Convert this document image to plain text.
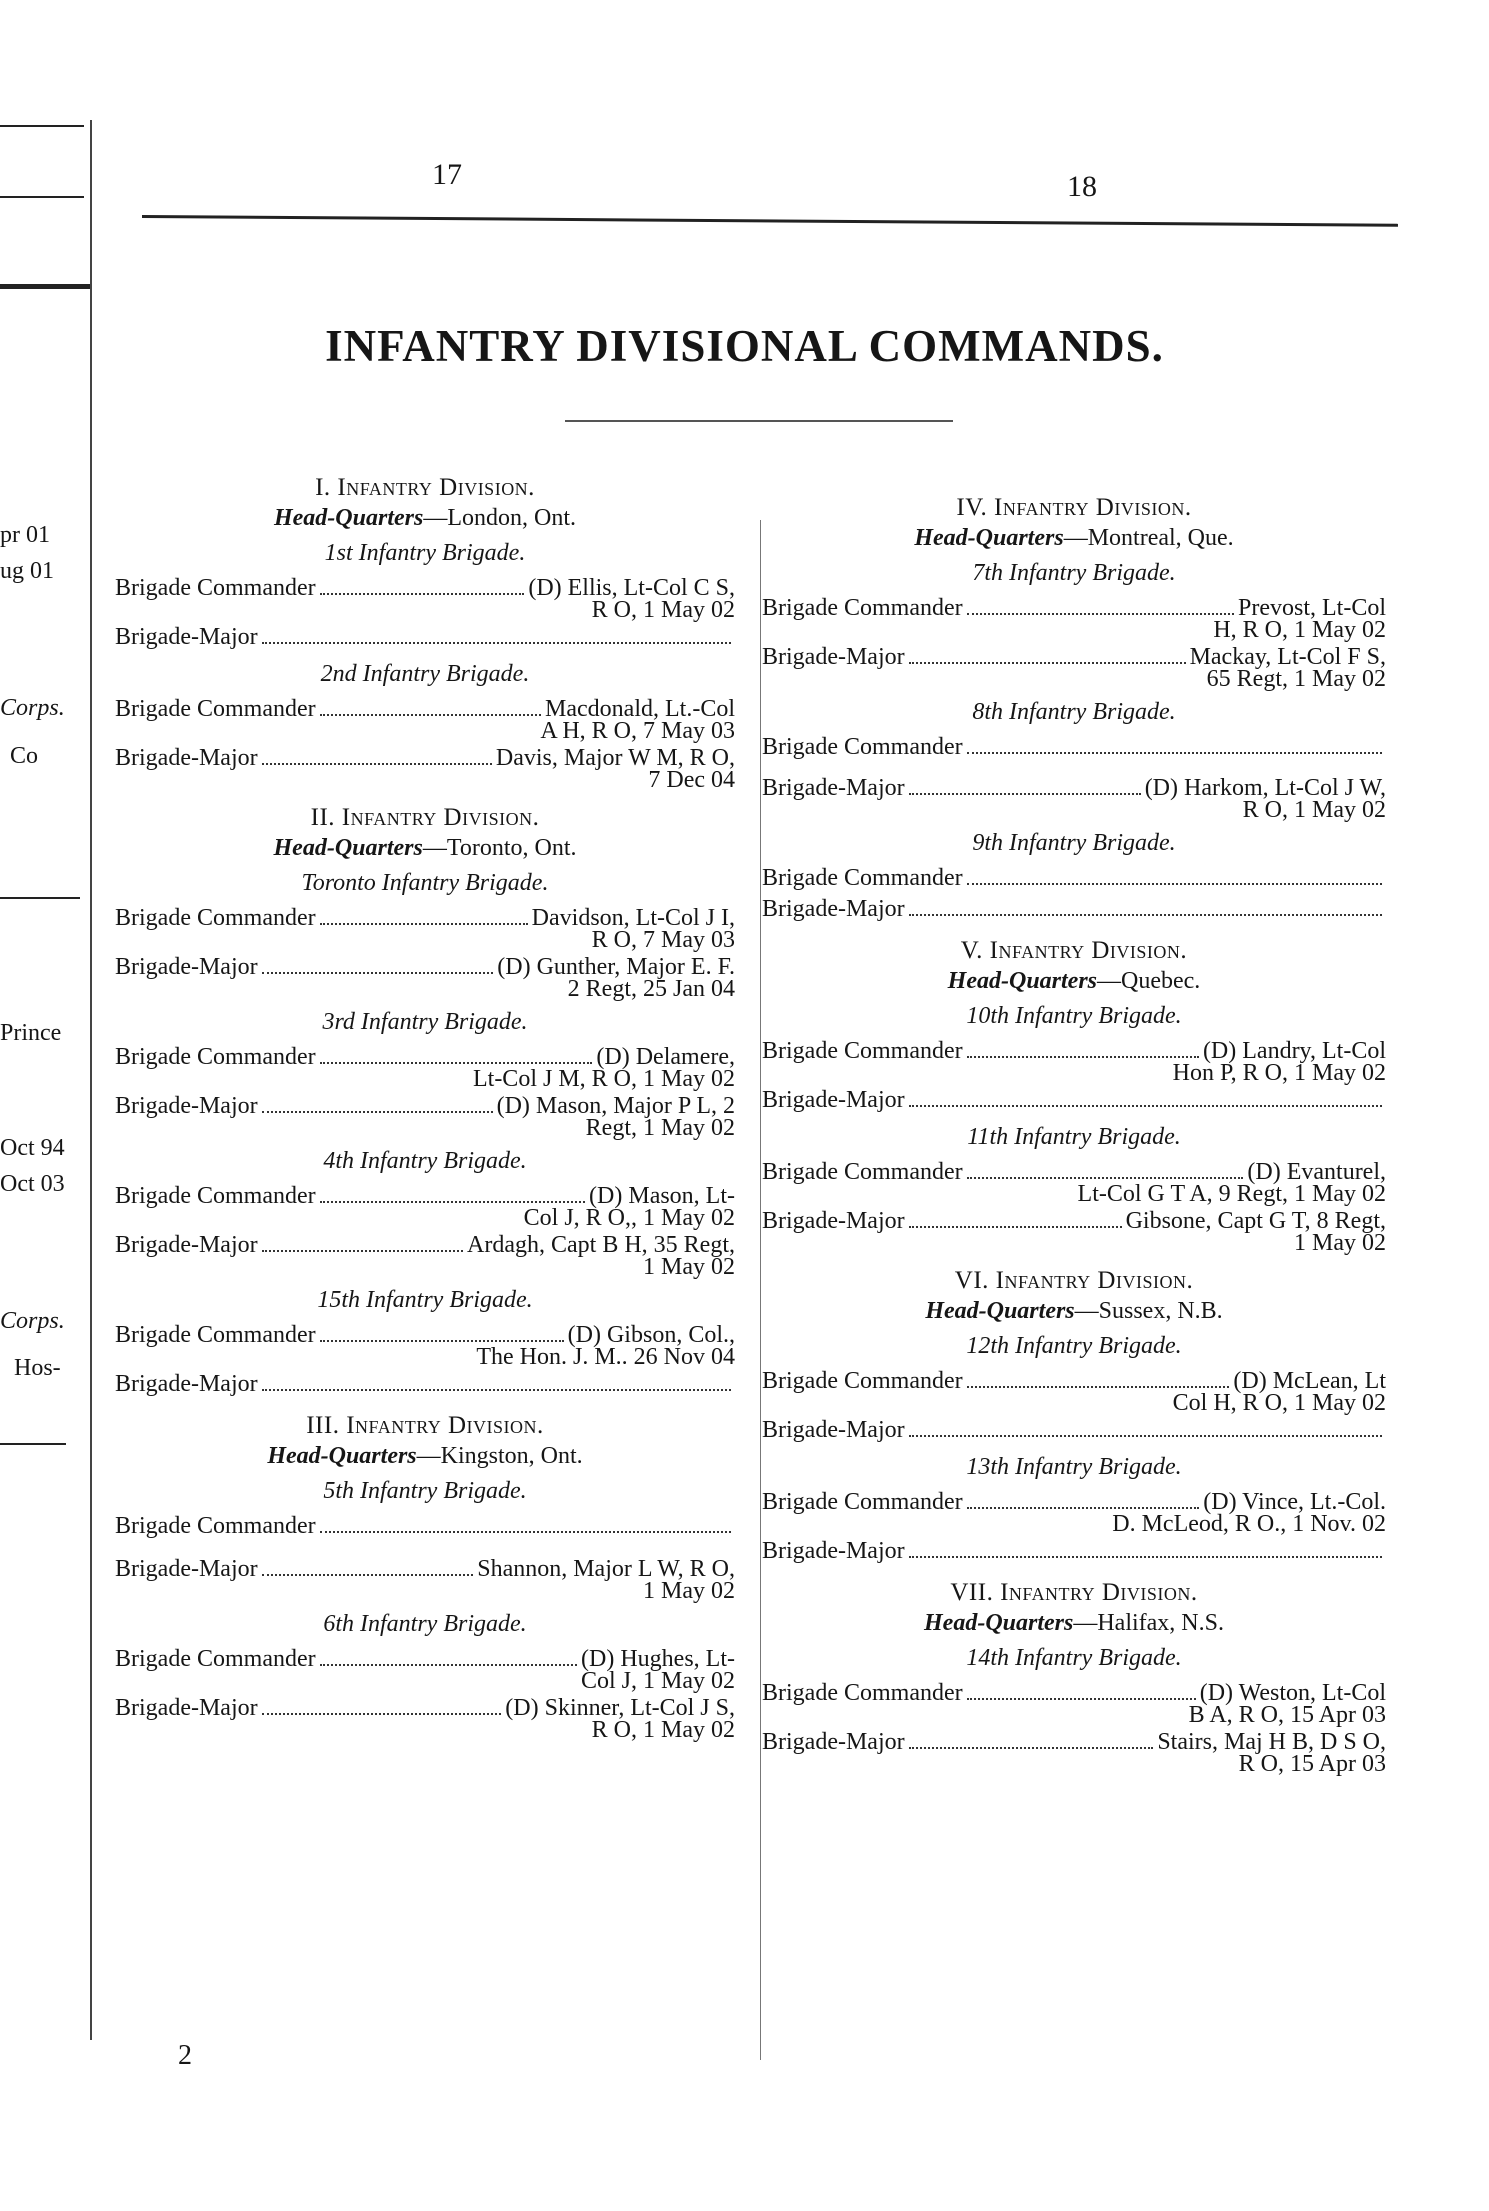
pr 01
ug 01
Corps.
Co
Prince
Oct 94
Oct 03
Corps.
Hos-
17	18
INFANTRY DIVISIONAL COMMANDS.
I. Infantry Division.
Head-Quarters—London, Ont.
1st Infantry Brigade.
Brigade Commander	(D) Ellis, Lt-Col C S,
R O, 1 May 02
Brigade-Major
2nd Infantry Brigade.
Brigade Commander	Macdonald, Lt.-Col
A H, R O, 7 May 03
Brigade-Major	Davis, Major W M, R O,
7 Dec 04
II. Infantry Division.
Head-Quarters—Toronto, Ont.
Toronto Infantry Brigade.
Brigade Commander	Davidson, Lt-Col J I,
R O, 7 May 03
Brigade-Major	(D) Gunther, Major E. F.
2 Regt, 25 Jan 04
3rd Infantry Brigade.
Brigade Commander	(D) Delamere,
Lt-Col J M, R O, 1 May 02
Brigade-Major	(D) Mason, Major P L, 2
Regt, 1 May 02
4th Infantry Brigade.
Brigade Commander	(D) Mason, Lt-
Col J, R O,, 1 May 02
Brigade-Major	Ardagh, Capt B H, 35 Regt,
1 May 02
15th Infantry Brigade.
Brigade Commander	(D) Gibson, Col.,
The Hon. J. M.. 26 Nov 04
Brigade-Major
III. Infantry Division.
Head-Quarters—Kingston, Ont.
5th Infantry Brigade.
Brigade Commander
Brigade-Major	Shannon, Major L W, R O,
1 May 02
6th Infantry Brigade.
Brigade Commander	(D) Hughes, Lt-
Col J, 1 May 02
Brigade-Major	(D) Skinner, Lt-Col J S,
R O, 1 May 02
IV. Infantry Division.
Head-Quarters—Montreal, Que.
7th Infantry Brigade.
Brigade Commander	Prevost, Lt-Col
H, R O, 1 May 02
Brigade-Major	Mackay, Lt-Col F S,
65 Regt, 1 May 02
8th Infantry Brigade.
Brigade Commander
Brigade-Major	(D) Harkom, Lt-Col J W,
R O, 1 May 02
9th Infantry Brigade.
Brigade Commander
Brigade-Major
V. Infantry Division.
Head-Quarters—Quebec.
10th Infantry Brigade.
Brigade Commander	(D) Landry, Lt-Col
Hon P, R O, 1 May 02
Brigade-Major
11th Infantry Brigade.
Brigade Commander	(D) Evanturel,
Lt-Col G T A, 9 Regt, 1 May 02
Brigade-Major	Gibsone, Capt G T, 8 Regt,
1 May 02
VI. Infantry Division.
Head-Quarters—Sussex, N.B.
12th Infantry Brigade.
Brigade Commander	(D) McLean, Lt
Col H, R O, 1 May 02
Brigade-Major
13th Infantry Brigade.
Brigade Commander	(D) Vince, Lt.-Col.
D. McLeod, R O., 1 Nov. 02
Brigade-Major
VII. Infantry Division.
Head-Quarters—Halifax, N.S.
14th Infantry Brigade.
Brigade Commander	(D) Weston, Lt-Col
B A, R O, 15 Apr 03
Brigade-Major	Stairs, Maj H B, D S O,
R O, 15 Apr 03
2
